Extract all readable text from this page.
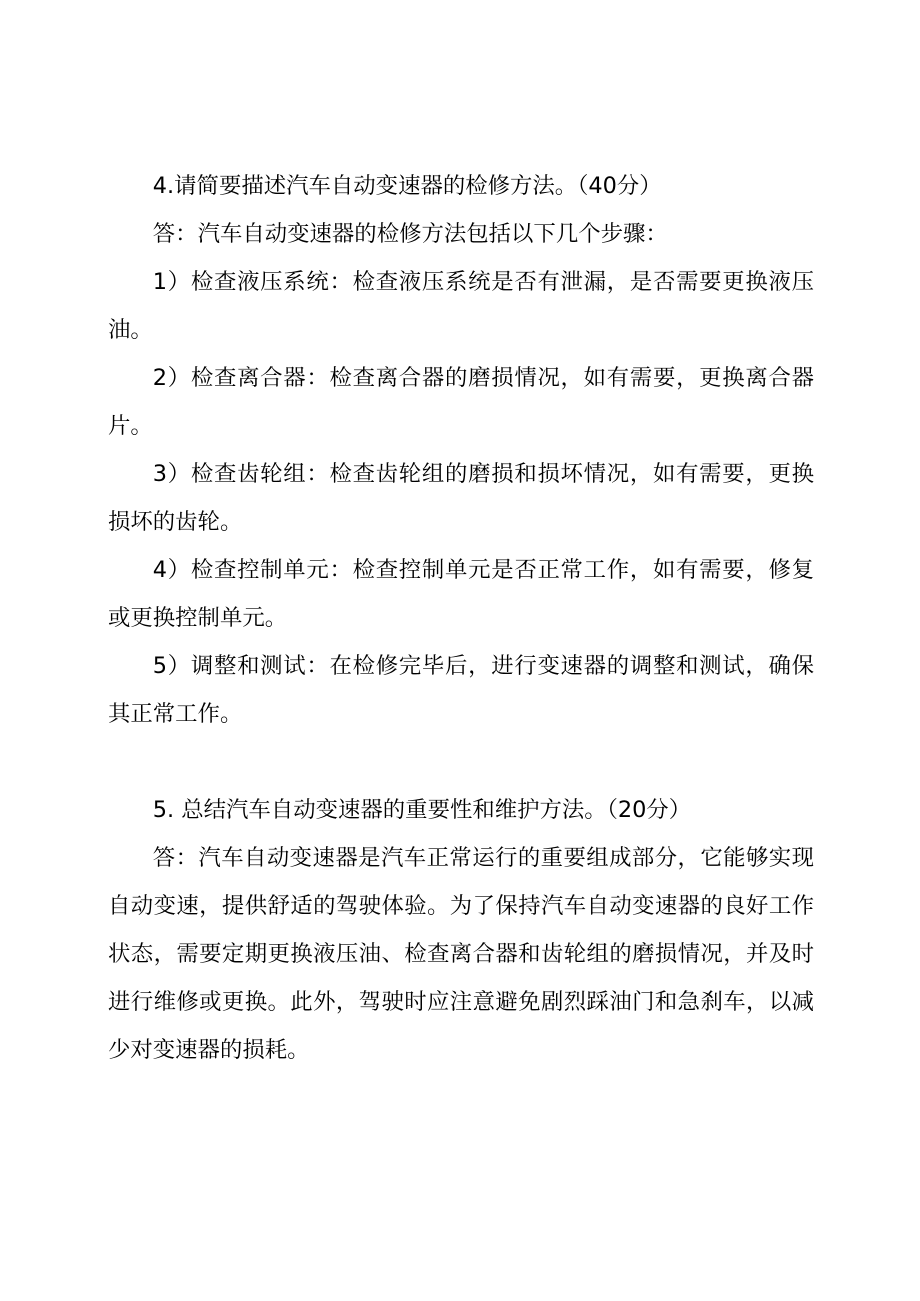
4.请简要描述汽车自动变速器的检修方法。（40分）

答：汽车自动变速器的检修方法包括以下几个步骤：

1）检查液压系统：检查液压系统是否有泄漏，是否需要更换液压油。

2）检查离合器：检查离合器的磨损情况，如有需要，更换离合器片。

3）检查齿轮组：检查齿轮组的磨损和损坏情况，如有需要，更换损坏的齿轮。

4）检查控制单元：检查控制单元是否正常工作，如有需要，修复或更换控制单元。

5）调整和测试：在检修完毕后，进行变速器的调整和测试，确保其正常工作。

5. 总结汽车自动变速器的重要性和维护方法。（20分）

答：汽车自动变速器是汽车正常运行的重要组成部分，它能够实现自动变速，提供舒适的驾驶体验。为了保持汽车自动变速器的良好工作状态，需要定期更换液压油、检查离合器和齿轮组的磨损情况，并及时进行维修或更换。此外，驾驶时应注意避免剧烈踩油门和急刹车，以减少对变速器的损耗。
